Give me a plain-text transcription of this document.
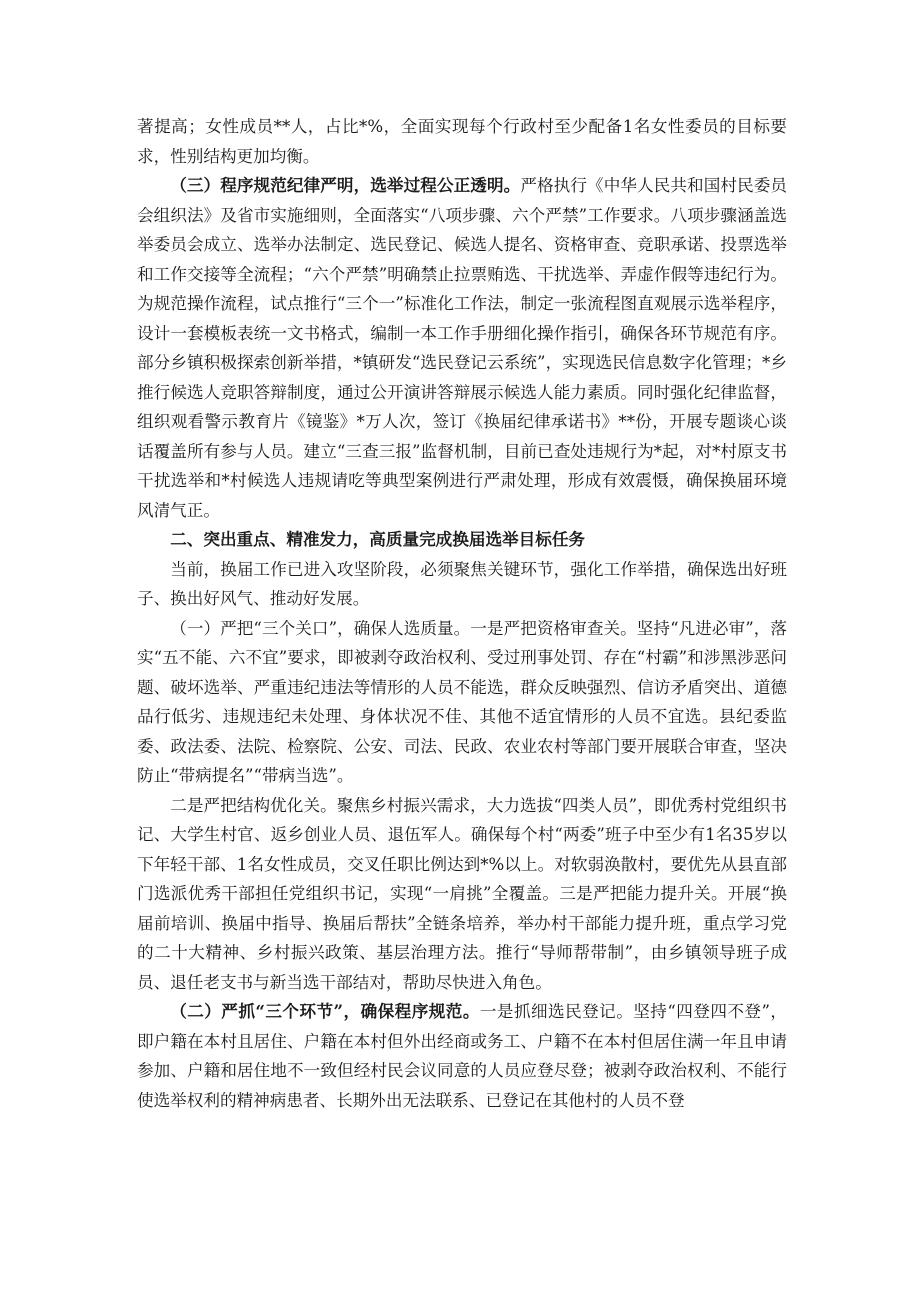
著提高；女性成员**人，占比*%，全面实现每个行政村至少配备1名女性委员的目标要求，性别结构更加均衡。

（三）程序规范纪律严明，选举过程公正透明。严格执行《中华人民共和国村民委员会组织法》及省市实施细则，全面落实“八项步骤、六个严禁”工作要求。八项步骤涵盖选举委员会成立、选举办法制定、选民登记、候选人提名、资格审查、竞职承诺、投票选举和工作交接等全流程；“六个严禁”明确禁止拉票贿选、干扰选举、弄虚作假等违纪行为。为规范操作流程，试点推行“三个一”标准化工作法，制定一张流程图直观展示选举程序，设计一套模板表统一文书格式，编制一本工作手册细化操作指引，确保各环节规范有序。部分乡镇积极探索创新举措，*镇研发“选民登记云系统”，实现选民信息数字化管理；*乡推行候选人竞职答辩制度，通过公开演讲答辩展示候选人能力素质。同时强化纪律监督，组织观看警示教育片《镜鉴》*万人次，签订《换届纪律承诺书》**份，开展专题谈心谈话覆盖所有参与人员。建立“三查三报”监督机制，目前已查处违规行为*起，对*村原支书干扰选举和*村候选人违规请吃等典型案例进行严肃处理，形成有效震慑，确保换届环境风清气正。

二、突出重点、精准发力，高质量完成换届选举目标任务

当前，换届工作已进入攻坚阶段，必须聚焦关键环节，强化工作举措，确保选出好班子、换出好风气、推动好发展。

（一）严把“三个关口”，确保人选质量。一是严把资格审查关。坚持“凡进必审”，落实“五不能、六不宜”要求，即被剥夺政治权利、受过刑事处罚、存在“村霸”和涉黑涉恶问题、破坏选举、严重违纪违法等情形的人员不能选，群众反映强烈、信访矛盾突出、道德品行低劣、违规违纪未处理、身体状况不佳、其他不适宜情形的人员不宜选。县纪委监委、政法委、法院、检察院、公安、司法、民政、农业农村等部门要开展联合审查，坚决防止“带病提名”“带病当选”。

二是严把结构优化关。聚焦乡村振兴需求，大力选拔“四类人员”，即优秀村党组织书记、大学生村官、返乡创业人员、退伍军人。确保每个村“两委”班子中至少有1名35岁以下年轻干部、1名女性成员，交叉任职比例达到*%以上。对软弱涣散村，要优先从县直部门选派优秀干部担任党组织书记，实现“一肩挑”全覆盖。三是严把能力提升关。开展“换届前培训、换届中指导、换届后帮扶”全链条培养，举办村干部能力提升班，重点学习党的二十大精神、乡村振兴政策、基层治理方法。推行“导师帮带制”，由乡镇领导班子成员、退任老支书与新当选干部结对，帮助尽快进入角色。

（二）严抓“三个环节”，确保程序规范。一是抓细选民登记。坚持“四登四不登”，即户籍在本村且居住、户籍在本村但外出经商或务工、户籍不在本村但居住满一年且申请参加、户籍和居住地不一致但经村民会议同意的人员应登尽登；被剥夺政治权利、不能行使选举权利的精神病患者、长期外出无法联系、已登记在其他村的人员不登
